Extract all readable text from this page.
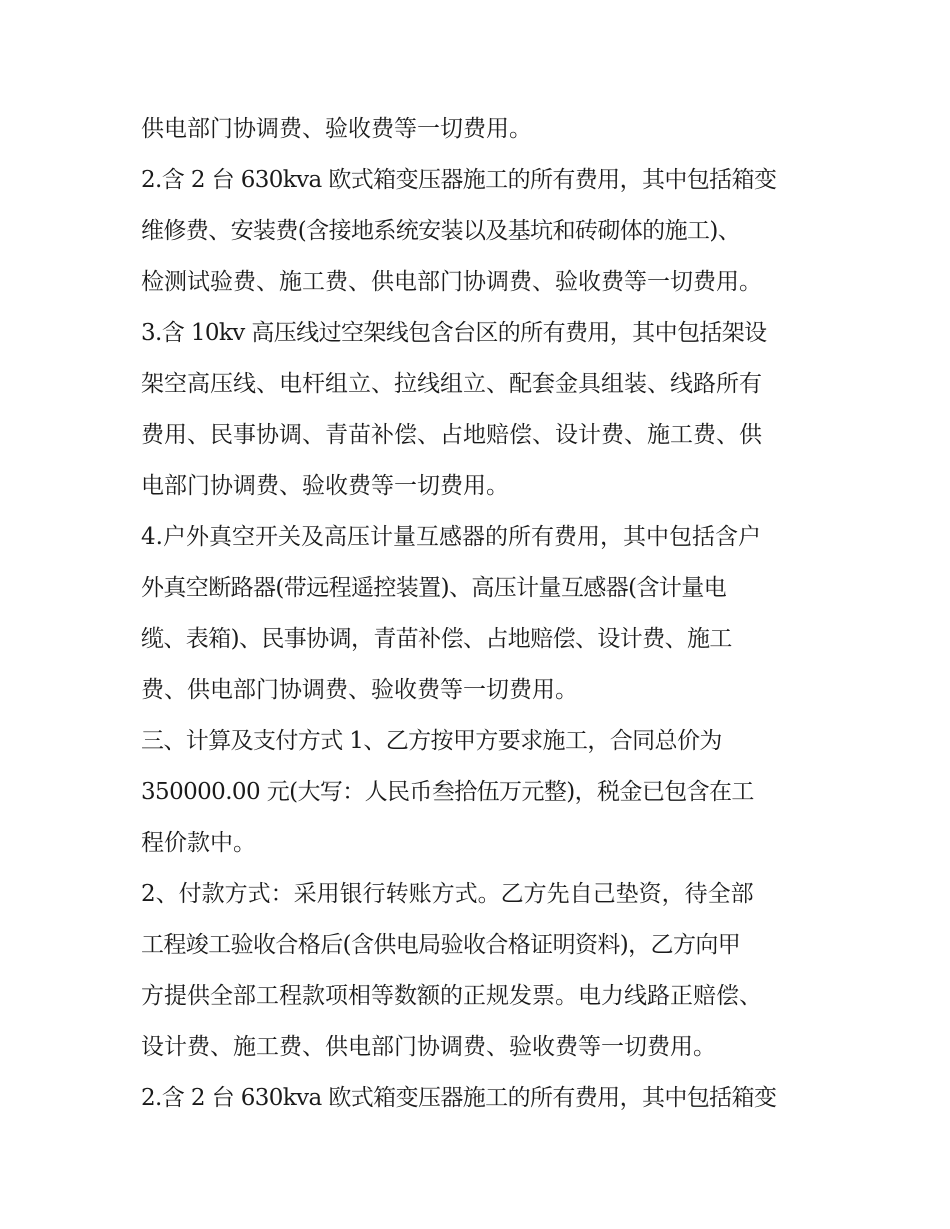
供电部门协调费、验收费等一切费用。
2.含 2 台 630kva 欧式箱变压器施工的所有费用，其中包括箱变
维修费、安装费(含接地系统安装以及基坑和砖砌体的施工)、
检测试验费、施工费、供电部门协调费、验收费等一切费用。
3.含 10kv 高压线过空架线包含台区的所有费用，其中包括架设
架空高压线、电杆组立、拉线组立、配套金具组装、线路所有
费用、民事协调、青苗补偿、占地赔偿、设计费、施工费、供
电部门协调费、验收费等一切费用。
4.户外真空开关及高压计量互感器的所有费用，其中包括含户
外真空断路器(带远程遥控装置)、高压计量互感器(含计量电
缆、表箱)、民事协调，青苗补偿、占地赔偿、设计费、施工
费、供电部门协调费、验收费等一切费用。
三、计算及支付方式 1、乙方按甲方要求施工，合同总价为
350000.00 元(大写：人民币叁拾伍万元整)，税金已包含在工
程价款中。
2、付款方式：采用银行转账方式。乙方先自己垫资，待全部
工程竣工验收合格后(含供电局验收合格证明资料)，乙方向甲
方提供全部工程款项相等数额的正规发票。电力线路正赔偿、
设计费、施工费、供电部门协调费、验收费等一切费用。
2.含 2 台 630kva 欧式箱变压器施工的所有费用，其中包括箱变
